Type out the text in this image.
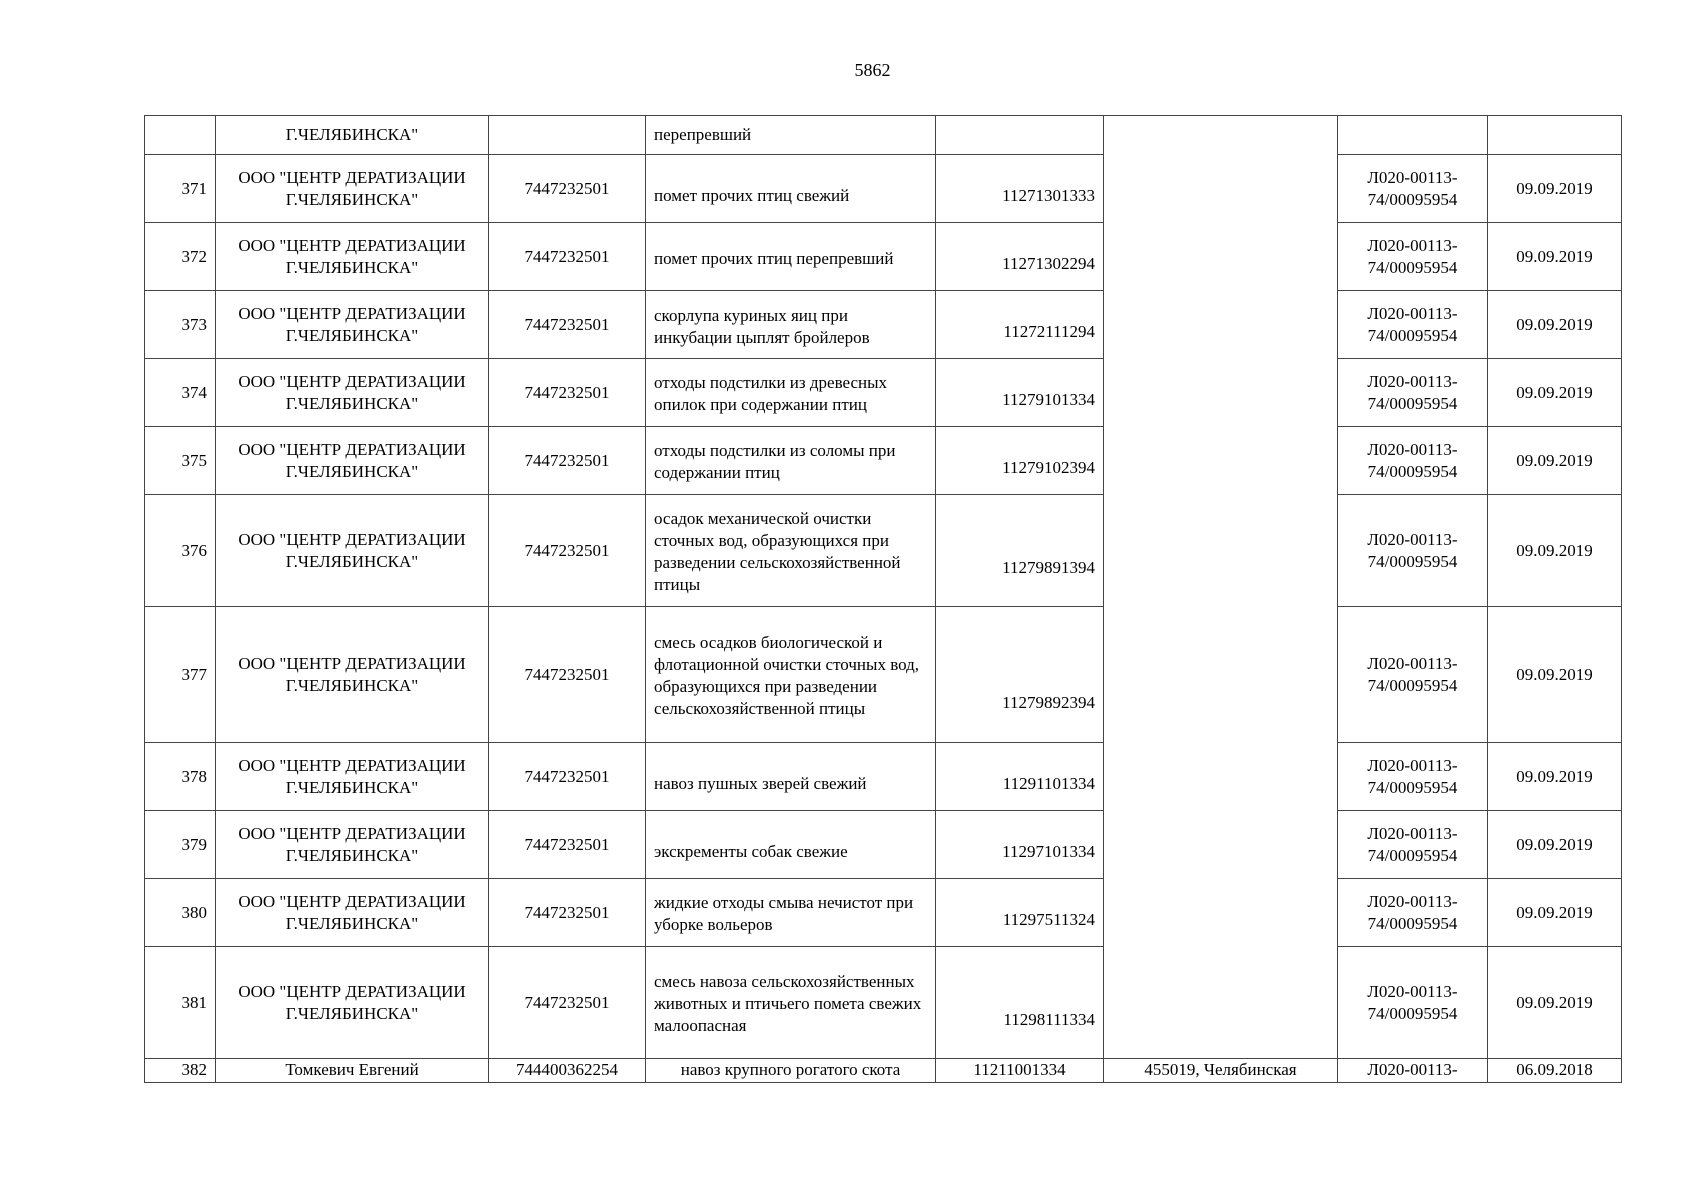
5862
	Г.ЧЕЛЯБИНСКА"		перепревший				
371	ООО "ЦЕНТР ДЕРАТИЗАЦИИ Г.ЧЕЛЯБИНСКА"	7447232501	помет прочих птиц свежий	11271301333		Л020-00113-74/00095954	09.09.2019
372	ООО "ЦЕНТР ДЕРАТИЗАЦИИ Г.ЧЕЛЯБИНСКА"	7447232501	помет прочих птиц перепревший	11271302294		Л020-00113-74/00095954	09.09.2019
373	ООО "ЦЕНТР ДЕРАТИЗАЦИИ Г.ЧЕЛЯБИНСКА"	7447232501	скорлупа куриных яиц при инкубации цыплят бройлеров	11272111294		Л020-00113-74/00095954	09.09.2019
374	ООО "ЦЕНТР ДЕРАТИЗАЦИИ Г.ЧЕЛЯБИНСКА"	7447232501	отходы подстилки из древесных опилок при содержании птиц	11279101334		Л020-00113-74/00095954	09.09.2019
375	ООО "ЦЕНТР ДЕРАТИЗАЦИИ Г.ЧЕЛЯБИНСКА"	7447232501	отходы подстилки из соломы при содержании птиц	11279102394		Л020-00113-74/00095954	09.09.2019
376	ООО "ЦЕНТР ДЕРАТИЗАЦИИ Г.ЧЕЛЯБИНСКА"	7447232501	осадок механической очистки сточных вод, образующихся при разведении сельскохозяйственной птицы	11279891394		Л020-00113-74/00095954	09.09.2019
377	ООО "ЦЕНТР ДЕРАТИЗАЦИИ Г.ЧЕЛЯБИНСКА"	7447232501	смесь осадков биологической и флотационной очистки сточных вод, образующихся при разведении сельскохозяйственной птицы	11279892394		Л020-00113-74/00095954	09.09.2019
378	ООО "ЦЕНТР ДЕРАТИЗАЦИИ Г.ЧЕЛЯБИНСКА"	7447232501	навоз пушных зверей свежий	11291101334		Л020-00113-74/00095954	09.09.2019
379	ООО "ЦЕНТР ДЕРАТИЗАЦИИ Г.ЧЕЛЯБИНСКА"	7447232501	экскременты собак свежие	11297101334		Л020-00113-74/00095954	09.09.2019
380	ООО "ЦЕНТР ДЕРАТИЗАЦИИ Г.ЧЕЛЯБИНСКА"	7447232501	жидкие отходы смыва нечистот при уборке вольеров	11297511324		Л020-00113-74/00095954	09.09.2019
381	ООО "ЦЕНТР ДЕРАТИЗАЦИИ Г.ЧЕЛЯБИНСКА"	7447232501	смесь навоза сельскохозяйственных животных и птичьего помета свежих малоопасная	11298111334		Л020-00113-74/00095954	09.09.2019
382	Томкевич Евгений	744400362254	навоз крупного рогатого скота	11211001334	455019, Челябинская	Л020-00113-	06.09.2018
